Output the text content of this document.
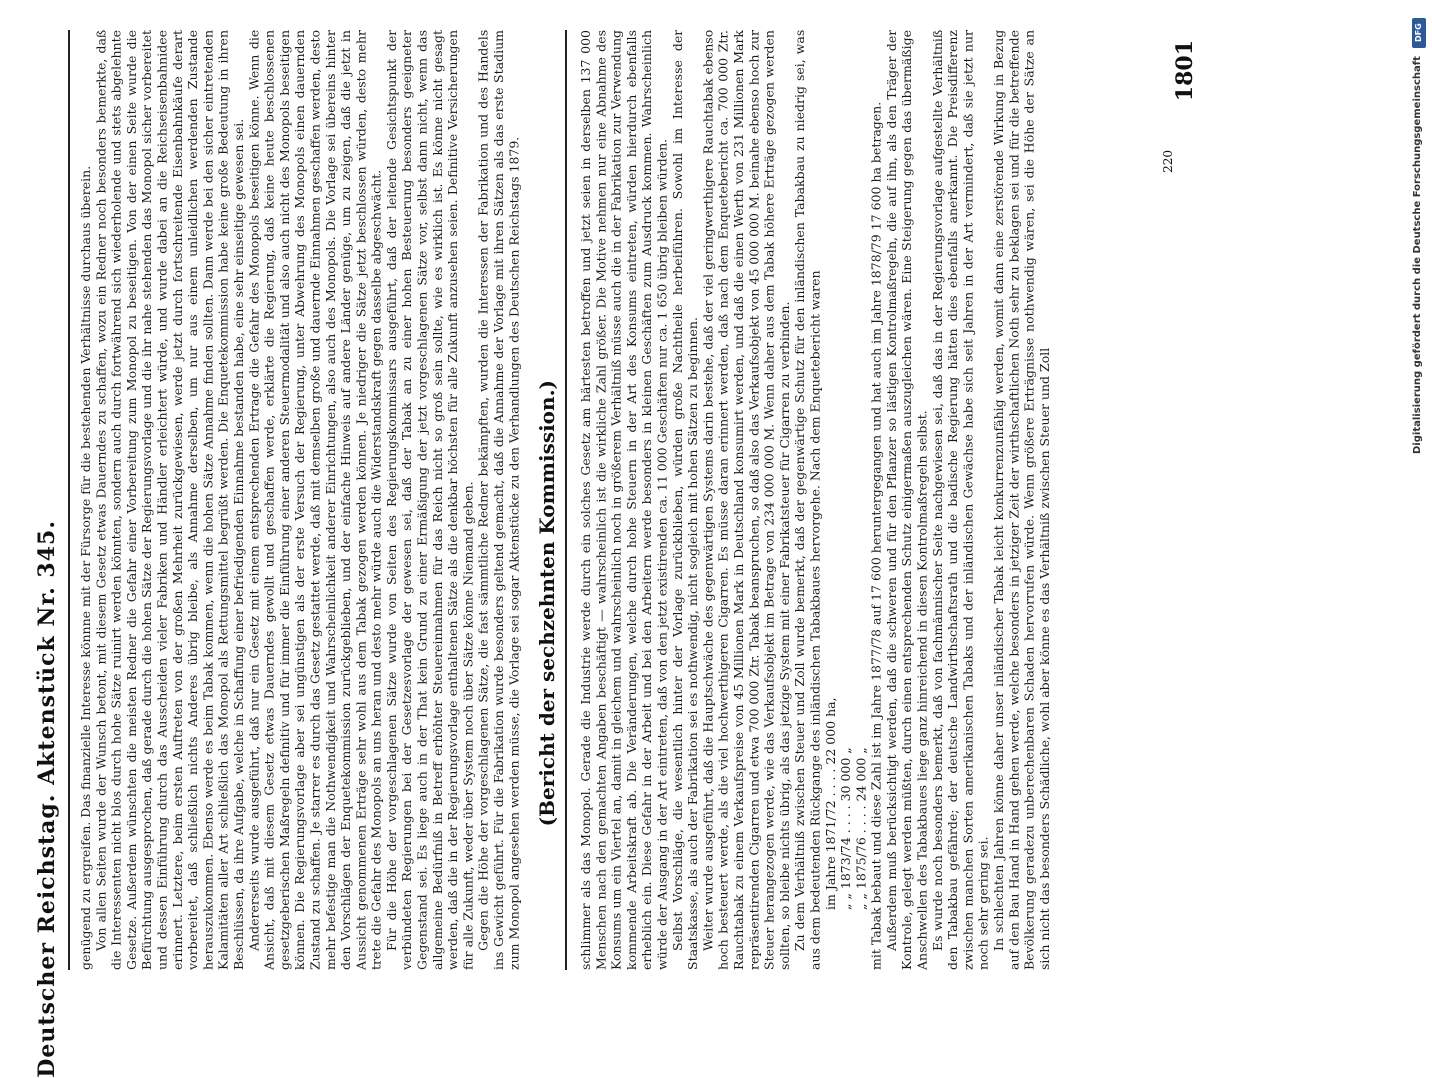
Deutscher Reichstag. Aktenstück Nr. 345. genügend zu ergreifen. Das finanzielle Interesse könnne mit der Fürsorge für die bestehenden Verhältnisse durchaus überein. Von allen Seiten wurde der Wunsch betont, mit diesem Gesetz etwas Dauerndes zu schaffen, wozu ein Redner noch besonders bemerkte, daß die Interessenten nicht blos durch hohe Sätze ruinirt werden könnten, sondern auch durch fortwährend sich wiederholende und stets abgelehnte Gesetze. Außerdem wünschten die meisten Redner die Gefahr einer Vorbereitung zum Monopol zu beseitigen. Von der einen Seite wurde die Befürchtung ausgesprochen, daß gerade durch die hohen Sätze der Regierungsvorlage und die ihr nahe stehenden das Monopol sicher vorbereitet und dessen Einführung durch das Ausscheiden vieler Fabriken und Händler erleichtert würde, und wurde dabei an die Reichseisenbahnidee erinnert. Letztere, beim ersten Auftreten von der großen Mehrheit zurückgewiesen, werde jetzt durch fortschreitende Eisenbahnkäufe derart vorbereitet, daß schließlich nichts Anderes übrig bleibe, als Annahme derselben, um nur aus einem unleidlichen werdenden Zustande herauszukommen. Ebenso werde es beim Tabak kommen, wenn die hohen Sätze Annahme finden sollten. Dann werde bei den sicher eintretenden Kalamitäten aller Art schließlich das Monopol als Rettungsmittel begrüßt werden. Die Enquetekommission habe keine große Bedeutung in ihren Beschlüssen, da ihre Aufgabe, welche in Schaffung einer befriedigenden Einnahme bestanden habe, eine sehr einseitige gewesen sei. Andererseits wurde ausgeführt, daß nur ein Gesetz mit einem entsprechenden Ertrage die Gefahr des Monopols beseitigen könne. Wenn die Ansicht, daß mit diesem Gesetz etwas Dauerndes gewollt und geschaffen werde, erklärte die Regierung, daß keine heute beschlossenen gesetzgeberischen Maßregeln definitiv und für immer die Einführung einer anderen Steuermodalität und also auch nicht des Monopols beseitigen können. Die Regierungsvorlage aber sei ungünstigen als der erste Versuch der Regierung, unter Abwehrung des Monopols einen dauernden Zustand zu schaffen. Je starrer es durch das Gesetz gestattet werde, daß mit demselben große und dauernde Einnahmen geschaffen werden, desto mehr befestige man die Nothwendigkeit und Wahrscheinlichkeit anderer Einrichtungen, also auch des Monopols. Die Vorlage sei übereins hinter den Vorschlägen der Enquetekommission zurückgeblieben, und der einfache Hinweis auf andere Länder genüge, um zu zeigen, daß die jetzt in Aussicht genommenen Erträge sehr wohl aus dem Tabak gezogen werden können. Je niedriger die Sätze jetzt beschlossen würden, desto mehr trete die Gefahr des Monopols an uns heran und desto mehr würde auch die Widerstandskraft gegen dasselbe abgeschwächt. Für die Höhe der vorgeschlagenen Sätze wurde von Seiten des Regierungskommissars ausgeführt, daß der leitende Gesichtspunkt der verbündeten Regierungen bei der Gesetzesvorlage der gewesen sei, daß der Tabak an zu einer hohen Besteuerung besonders geeigneter Gegenstand sei. Es liege auch in der That kein Grund zu einer Ermäßigung der jetzt vorgeschlagenen Sätze vor, selbst dann nicht, wenn das allgemeine Bedürfniß in Betreff erhöhter Steuereinnahmen für das Reich nicht so groß sein sollte, wie es wirklich ist. Es könne nicht gesagt werden, daß die in der Regierungsvorlage enthaltenen Sätze als die denkbar höchsten für alle Zukunft anzusehen seien. Definitive Versicherungen für alle Zukunft, weder über System noch über Sätze könne Niemand geben. Gegen die Höhe der vorgeschlagenen Sätze, die fast sämmtliche Redner bekämpften, wurden die Interessen der Fabrikation und des Handels ins Gewicht geführt. Für die Fabrikation wurde besonders geltend gemacht, daß die Annahme der Vorlage mit ihren Sätzen als das erste Stadium zum Monopol angesehen werden müsse, die Vorlage sei sogar Aktenstücke zu den Verhandlungen des Deutschen Reichstags 1879.

1801
(Bericht der sechzehnten Kommission.) schlimmer als das Monopol. Gerade die Industrie werde durch ein solches Gesetz am härtesten betroffen und jetzt seien in derselben 137 000 Menschen nach den gemachten Angaben beschäftigt — wahrscheinlich ist die wirkliche Zahl größer. Die Motive nehmen nur eine Abnahme des Konsums um ein Viertel an, damit in gleichem und wahrscheinlich noch in größerem Verhältniß müsse auch die in der Fabrikation zur Verwendung kommende Arbeitskraft ab. Die Veränderungen, welche durch hohe Steuern in der Art des Konsums eintreten, würden hierdurch ebenfalls erheblich ein. Diese Gefahr in der Arbeit und bei den Arbeitern werde besonders in kleinen Geschäften zum Ausdruck kommen. Wahrscheinlich würde der Ausgang in der Art eintreten, daß von den jetzt existirenden ca. 11 000 Geschäften nur ca. 1 650 übrig bleiben würden. Selbst Vorschläge, die wesentlich hinter der Vorlage zurückblieben, würden große Nachtheile herbeiführen. Sowohl im Interesse der Staatskasse, als auch der Fabrikation sei es nothwendig, nicht sogleich mit hohen Sätzen zu beginnen. Weiter wurde ausgeführt, daß die Hauptschwäche des gegenwärtigen Systems darin bestehe, daß der viel geringwerthigere Rauchtabak ebenso hoch besteuert werde, als die viel hochwerthigeren Cigarren. Es müsse daran erinnert werden, daß nach dem Enquetebericht ca. 700 000 Ztr. Rauchtabak zu einem Verkaufspreise von 45 Millionen Mark in Deutschland konsumirt werden, und daß die einen Werth von 231 Millionen Mark repräsentirenden Cigarren und etwa 700 000 Ztr. Tabak beanspruchen, so daß also das Verkaufsobjekt von 45 000 000 M. beinahe ebenso hoch zur Steuer herangezogen werde, wie das Verkaufsobjekt im Betrage von 234 000 000 M. Wenn daher aus dem Tabak höhere Erträge gezogen werden sollten, so bleibe nichts übrig, als das jetzige System mit einer Fabrikatsteuer für Cigarren zu verbinden. Zu dem Verhältniß zwischen Steuer und Zoll wurde bemerkt, daß der gegenwärtige Schutz für den inländischen Tabakbau zu niedrig sei, was aus dem bedeutenden Rückgange des inländischen Tabakbaues hervorgehe. Nach dem Enquetebericht waren im Jahre 1871/72 . . . . 22 000 ha, „ „ 1873/74 . . . . 30 000 „ „ „ 1875/76 . . . . 24 000 „ mit Tabak bebaut und diese Zahl ist im Jahre 1877/78 auf 17 600 heruntergegangen und hat auch im Jahre 1878/79 17 600 ha betragen. Außerdem muß berücksichtigt werden, daß die schweren und für den Pflanzer so lästigen Kontrolmaßregeln, die auf ihn, als den Träger der Kontrole, gelegt werden müßten, durch einen entsprechenden Schutz einigermaßen auszugleichen wären. Eine Steigerung gegen das übermäßige Anschwellen des Tabakbaues liege ganz hinreichend in diesen Kontrolmaßregeln selbst. Es wurde noch besonders bemerkt, daß von fachmännischer Seite nachgewiesen sei, daß das in der Regierungsvorlage aufgestellte Verhältniß den Tabakbau gefährde; der deutsche Landwirthschaftsrath und die badische Regierung hätten dies ebenfalls anerkannt. Die Preisdifferenz zwischen manchen Sorten amerikanischen Tabaks und der inländischen Gewächse habe sich seit Jahren in der Art vermindert, daß sie jetzt nur noch sehr gering sei. In schlechten Jahren könne daher unser inländischer Tabak leicht konkurrenzunfähig werden, womit dann eine zerstörende Wirkung in Bezug auf den Bau Hand in Hand gehen werde, welche besonders in jetziger Zeit der wirthschaftlichen Noth sehr zu beklagen sei und für die betreffende Bevölkerung geradezu unberechenbaren Schaden hervorrufen würde. Wenn größere Erträgnisse nothwendig wären, sei die Höhe der Sätze an sich nicht das besonders Schädliche, wohl aber könne es das Verhältniß zwischen Steuer und Zoll

220
DFG
Digitalisierung gefördert durch die Deutsche Forschungsgemeinschaft
